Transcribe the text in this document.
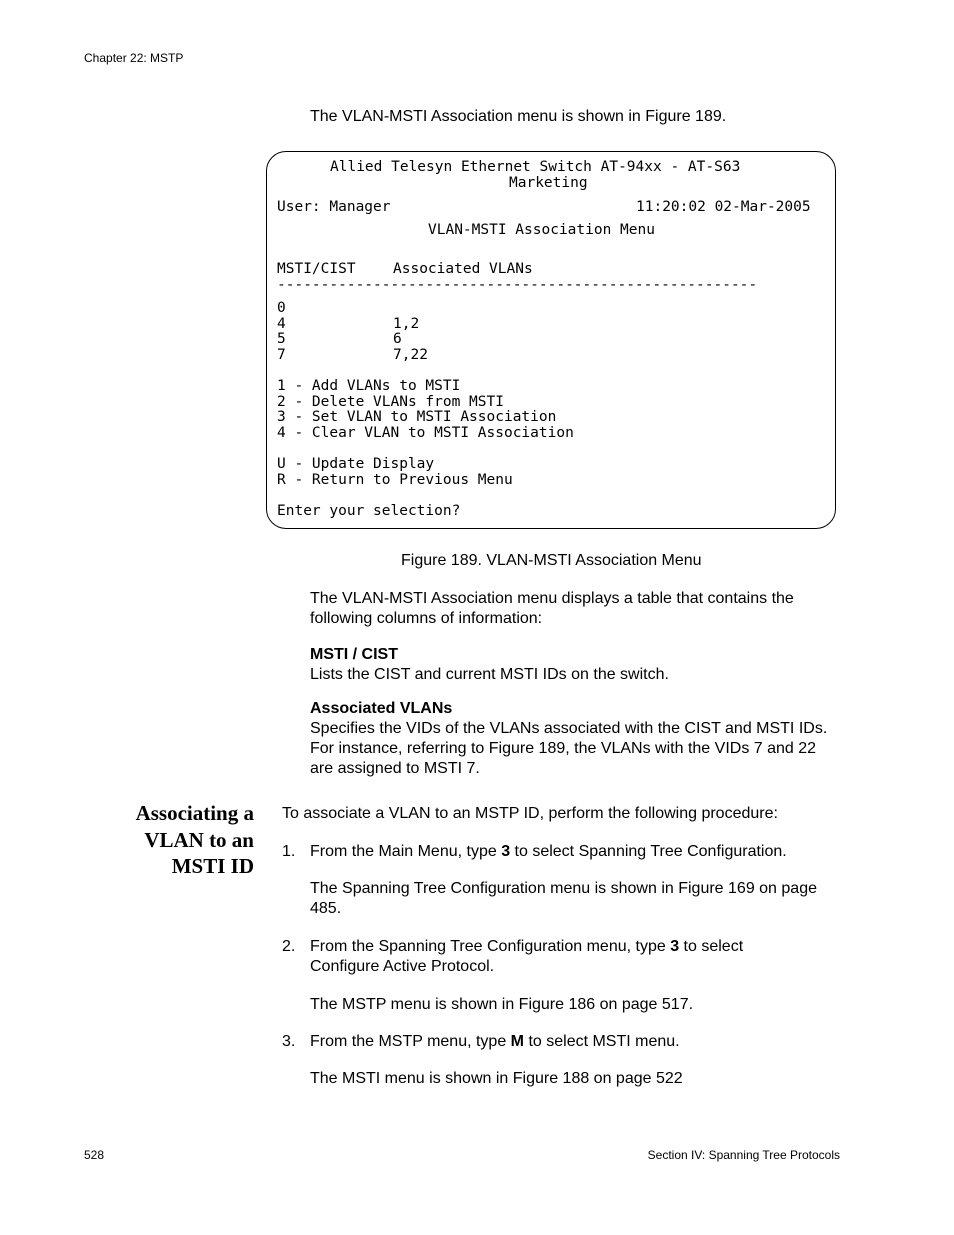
Chapter 22: MSTP
The VLAN-MSTI Association menu is shown in Figure 189.
Allied Telesyn Ethernet Switch AT-94xx - AT-S63
Marketing
User: Manager	11:20:02 02-Mar-2005
VLAN-MSTI Association Menu
MSTI/CIST	Associated VLANs
-------------------------------------------------------
0
4	1,2
5	6
7	7,22
1 - Add VLANs to MSTI
2 - Delete VLANs from MSTI
3 - Set VLAN to MSTI Association
4 - Clear VLAN to MSTI Association
U - Update Display
R - Return to Previous Menu
Enter your selection?
Figure 189. VLAN-MSTI Association Menu
The VLAN-MSTI Association menu displays a table that contains the following columns of information:
MSTI / CIST
Lists the CIST and current MSTI IDs on the switch.
Associated VLANs
Specifies the VIDs of the VLANs associated with the CIST and MSTI IDs. For instance, referring to Figure 189, the VLANs with the VIDs 7 and 22 are assigned to MSTI 7.
Associating a
VLAN to an
MSTI ID
To associate a VLAN to an MSTP ID, perform the following procedure:
1. From the Main Menu, type 3 to select Spanning Tree Configuration.
The Spanning Tree Configuration menu is shown in Figure 169 on page 485.
2. From the Spanning Tree Configuration menu, type 3 to select Configure Active Protocol.
The MSTP menu is shown in Figure 186 on page 517.
3. From the MSTP menu, type M to select MSTI menu.
The MSTI menu is shown in Figure 188 on page 522
528	Section IV: Spanning Tree Protocols
